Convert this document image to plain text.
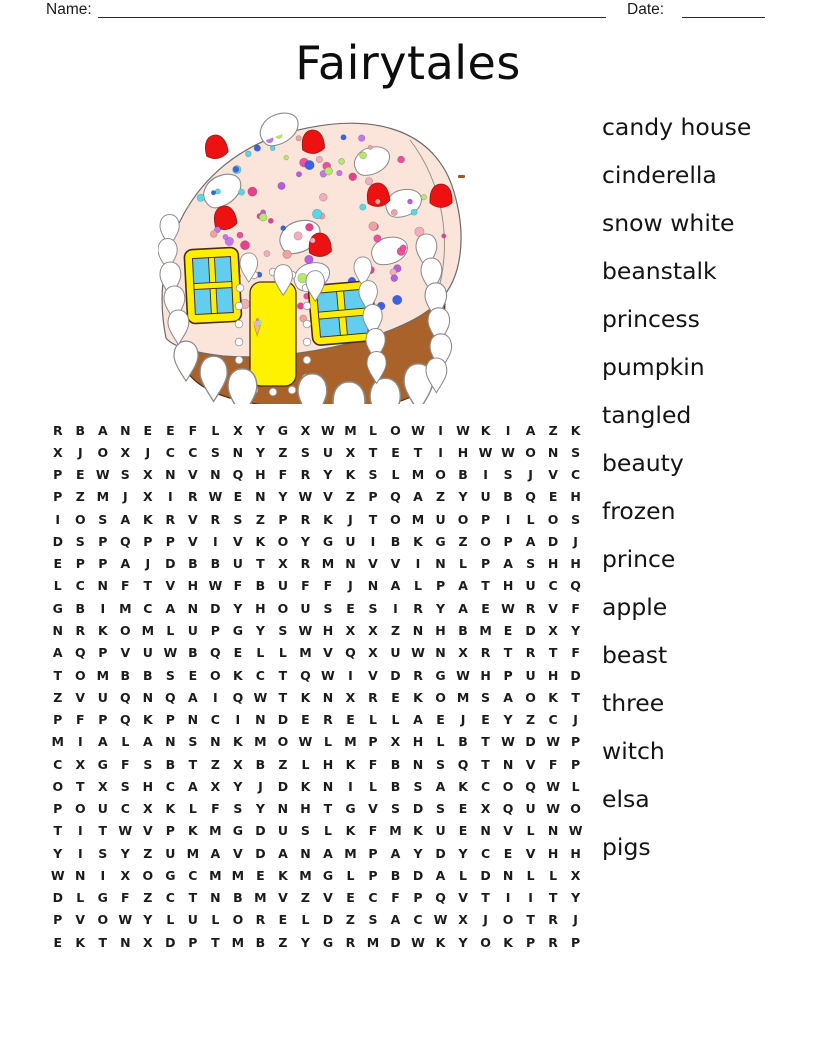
Name:	Date:
Fairytales
R	B	A N	E	E	F	L	X	Y	G	X W M L	O W	I	W K	I	A	Z	K
X	J	O X	J	C	C	S	N	Y	Z	S	U	X	T	E	T	I	H W W O N	S
P	E W S	X N V N Q H	F	R	Y	K	S	L M O B	I	S	J	V	C
P	Z M	J	X	I	R W E	N	Y W V	Z	P	Q A	Z	Y	U	B Q	E	H
I	O	S	A	K	R	V	R	S	Z	P	R	K	J	T	O M U O	P	I	L	O	S
D	S	P	Q	P	P	V	I	V	K O	Y	G U	I	B	K	G	Z	O	P	A D	J
E	P	P	A	J	D	B	B	U	T	X	R M N V	V	I	N	L	P	A	S	H H
L	C	N	F	T	V H W F	B	U	F	F	J	N A	L	P	A	T	H U	C	Q
G	B	I	M C	A N D	Y	H O U	S	E	S	I	R	Y	A	E W R	V	F
N R	K O M L	U	P	G	Y	S W H X	X	Z	N H	B M E	D	X	Y
A Q	P	V	U W B Q	E	L	L M V Q X	U W N X	R	T	R	T	F
T	O M B	B	S	E	O K	C	T	Q W	I	V D	R	G W H	P	U H D
Z	V	U Q N Q A	I	Q W T	K N X	R	E	K O M S	A O K	T
P	F	P	Q K	P	N	C	I	N D	E	R	E	L	L	A	E	J	E	Y	Z	C	J
M	I	A	L	A N	S	N K M O W L M P	X H	L	B	T W D W P
C	X	G	F	S	B	T	Z	X	B	Z	L	H K	F	B	N	S	Q	T	N V	F	P
O	T	X	S	H	C	A	X	Y	J	D K N	I	L	B	S	A	K	C	O Q W L
P	O U	C	X	K	L	F	S	Y	N H	T	G	V	S	D	S	E	X Q U W O
T	I	T W V	P	K M G D U	S	L	K	F M K	U	E	N V	L	N W
Y	I	S	Y	Z	U M A	V D A N A M P	A	Y	D	Y	C	E	V H H
W N	I	X O G	C M M E	K M G	L	P	B	D A	L	D N	L	L	X
D	L	G	F	Z	C	T	N	B M V	Z	V	E	C	F	P	Q V	T	I	I	T	Y
P	V O W Y	L	U	L	O R	E	L	D	Z	S	A	C W X	J	O	T	R	J
E	K	T	N X	D	P	T M B	Z	Y	G	R M D W K	Y	O K	P	R	P
candy house
cinderella
snow white
beanstalk
princess
pumpkin
tangled
beauty
frozen
prince
apple
beast
three
witch
elsa
pigs
